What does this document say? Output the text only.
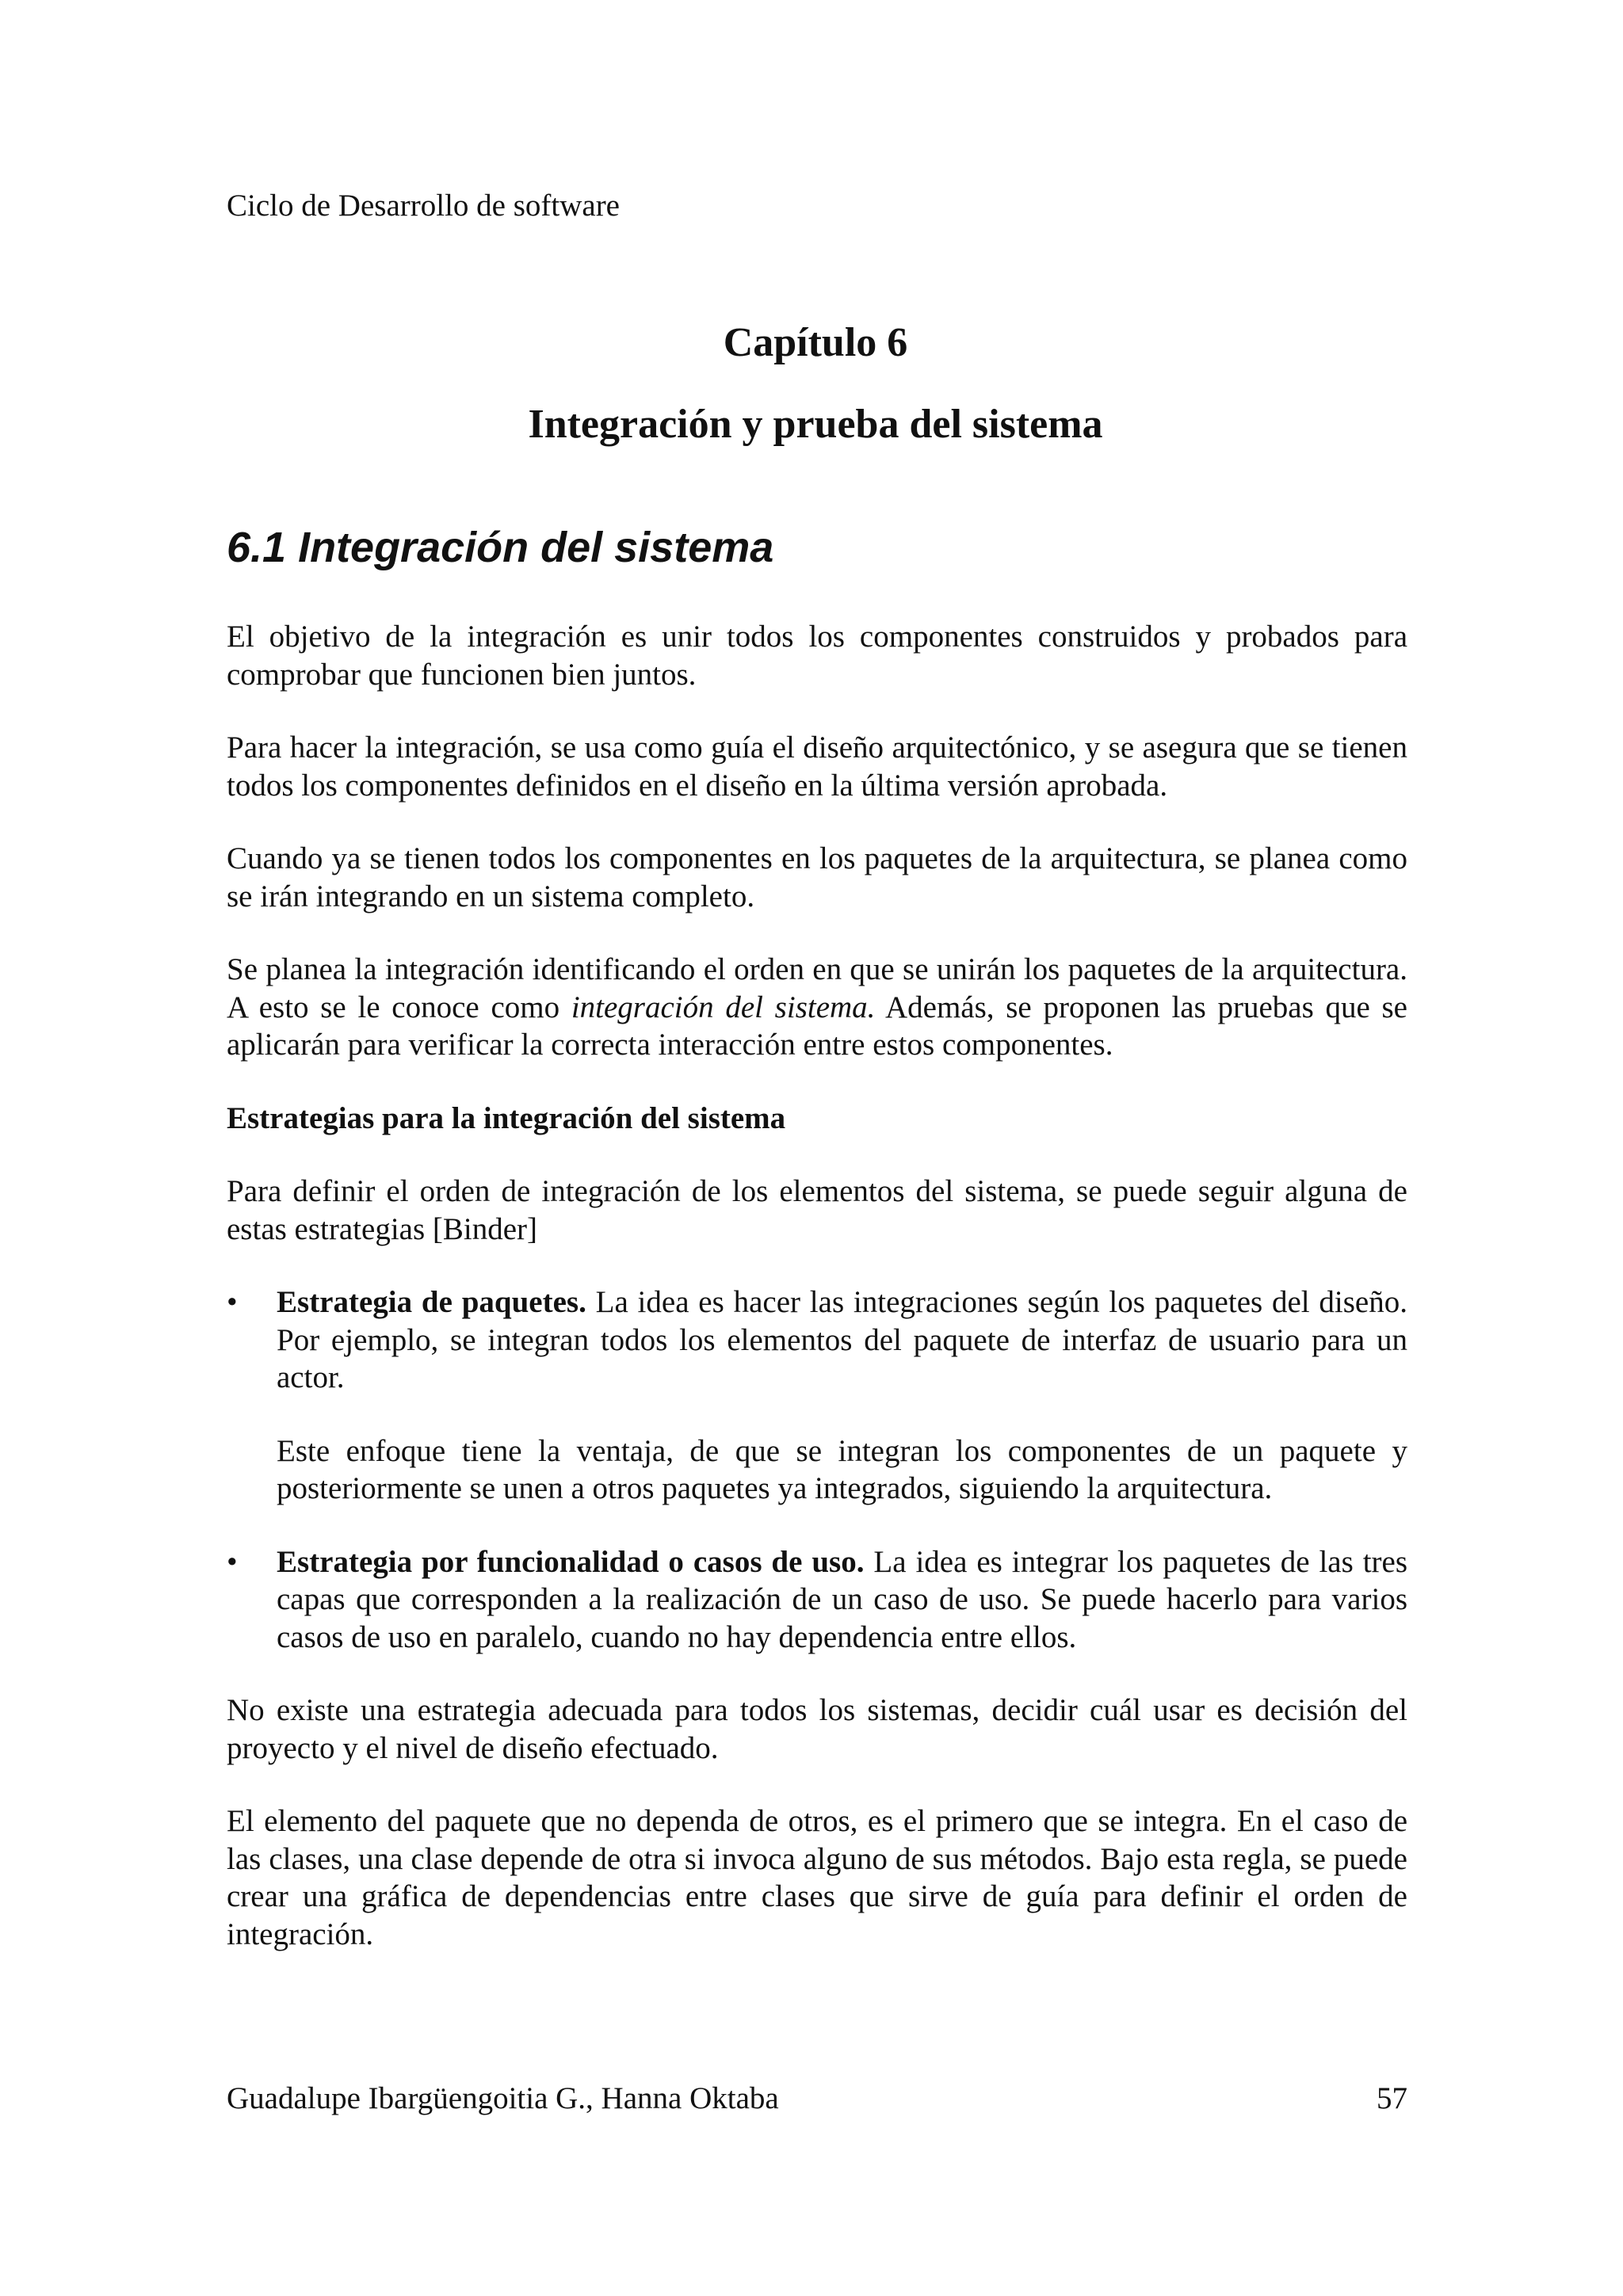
Ciclo de Desarrollo de software
Capítulo 6
Integración y prueba del sistema
6.1 Integración del sistema

El objetivo de la integración es unir todos los componentes construidos y probados para comprobar que funcionen bien juntos.

Para hacer la integración, se usa como guía el diseño arquitectónico, y se asegura que se tienen todos los componentes definidos en el diseño en la última versión aprobada.

Cuando ya se tienen todos los componentes en los paquetes de la arquitectura, se planea como se irán integrando en un sistema completo.

Se planea la integración identificando el orden en que se unirán los paquetes de la arquitectura. A esto se le conoce como integración del sistema. Además, se proponen las pruebas que se aplicarán para verificar la correcta interacción entre estos componentes.

Estrategias para la integración del sistema

Para definir el orden de integración de los elementos del sistema, se puede seguir alguna de estas estrategias [Binder]

• Estrategia de paquetes. La idea es hacer las integraciones según los paquetes del diseño. Por ejemplo, se integran todos los elementos del paquete de interfaz de usuario para un actor.

Este enfoque tiene la ventaja, de que se integran los componentes de un paquete y posteriormente se unen a otros paquetes ya integrados, siguiendo la arquitectura.

• Estrategia por funcionalidad o casos de uso. La idea es integrar los paquetes de las tres capas que corresponden a la realización de un caso de uso. Se puede hacerlo para varios casos de uso en paralelo, cuando no hay dependencia entre ellos.

No existe una estrategia adecuada para todos los sistemas, decidir cuál usar es decisión del proyecto y el nivel de diseño efectuado.

El elemento del paquete que no dependa de otros, es el primero que se integra. En el caso de las clases, una clase depende de otra si invoca alguno de sus métodos. Bajo esta regla, se puede crear una gráfica de dependencias entre clases que sirve de guía para definir el orden de integración.

Guadalupe Ibargüengoitia G., Hanna Oktaba	57
